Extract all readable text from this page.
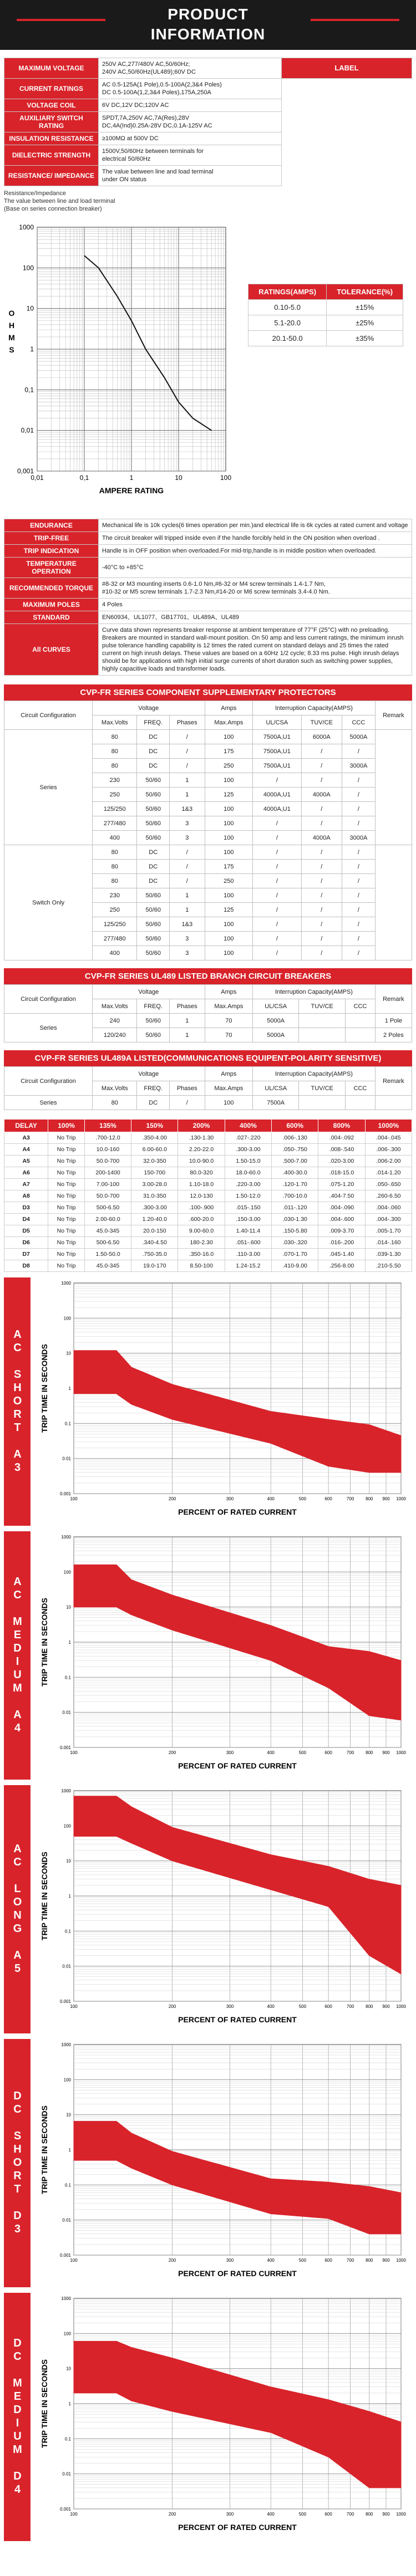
PRODUCT
INFORMATION
MAXIMUM VOLTAGE	250V AC,277/480V AC,50/60Hz;
240V AC,50/60Hz(UL489);60V DC	LABEL
CURRENT RATINGS	AC 0.5-125A(1 Pole),0.5-100A(2,3&4 Poles)
DC 0.5-100A(1,2,3&4 Poles),175A,250A	
VOLTAGE COIL	6V DC,12V DC;120V AC	
AUXILIARY SWITCH RATING	SPDT,7A,250V AC,7A(Res),28V
DC,4A(Ind)0.25A-28V DC,0.1A-125V AC	
INSULATION RESISTANCE	≥100MΩ at 500V DC	
DIELECTRIC STRENGTH	1500V,50/60Hz between terminals for
electrical 50/60Hz	
RESISTANCE/ IMPEDANCE	The value between line and load terminal
under ON status	
Resistance/Impedance
The value between line and load terminal
(Base on series connection breaker)
1000
100
10
1
0,1
0,01
0,001
0,01	0,1	1	10	100
O
H
M
S
AMPERE RATING
RATINGS(AMPS)	TOLERANCE(%)
0.10-5.0	±15%
5.1-20.0	±25%
20.1-50.0	±35%
ENDURANCE	Mechanical life is 10k cycles(6 times operation per min.)and electrical life is 6k cycles at rated current and voltage
TRIP-FREE	The circuit breaker will tripped inside even if the handle forcibly held in the ON position when overload .
TRIP INDICATION	Handle is in OFF position when overloaded.For mid-trip,handle is in middle position when overloaded.
TEMPERATURE OPERATION	-40°C to +85°C
RECOMMENDED TORQUE	#8-32 or M3 mounting inserts 0.6-1.0 Nm,#6-32 or M4 screw terminals 1.4-1.7 Nm,
#10-32 or M5 screw terminals 1.7-2.3 Nm,#14-20 or M6 screw terminals 3.4-4.0 Nm.
MAXIMUM POLES	4 Poles
STANDARD	EN60934、UL1077、GB17701、UL489A、UL489
All CURVES	Curve data shown represents breaker response at ambient temperature of 77°F (25°C) with no preloading. Breakers are mounted in standard wall-mount position. On 50 amp and less current ratings, the minimum inrush pulse tolerance handling capability is 12 times the rated current on standard delays and 25 times the rated current on high inrush delays. These values are based on a 60Hz 1/2 cycle; 8.33 ms pulse. High inrush delays should be for applications with high initial surge currents of short duration such as switching power supplies, highly capacitive loads and transformer loads.
CVP-FR SERIES COMPONENT SUPPLEMENTARY PROTECTORS
Circuit Configuration	Voltage			Amps	Interruption Capacity(AMPS)			Remark
	Max.Volts	FREQ.	Phases	Max.Amps	UL/CSA	TUV/CE	CCC	
Series	80	DC	/	100	7500A,U1	6000A	5000A	
	80	DC	/	175	7500A,U1	/	/	
	80	DC	/	250	7500A,U1	/	3000A	
	230	50/60	1	100	/	/	/	
	250	50/60	1	125	4000A,U1	4000A	/	
	125/250	50/60	1&3	100	4000A,U1	/	/	
	277/480	50/60	3	100	/	/	/	
	400	50/60	3	100	/	4000A	3000A	
Switch Only	80	DC	/	100	/	/	/	
	80	DC	/	175	/	/	/	
	80	DC	/	250	/	/	/	
	230	50/60	1	100	/	/	/	
	250	50/60	1	125	/	/	/	
	125/250	50/60	1&3	100	/	/	/	
	277/480	50/60	3	100	/	/	/	
	400	50/60	3	100	/	/	/	
CVP-FR SERIES UL489 LISTED BRANCH CIRCUIT BREAKERS
Circuit Configuration	Voltage			Amps	Interruption Capacity(AMPS)			Remark
	Max.Volts	FREQ.	Phases	Max.Amps	UL/CSA	TUV/CE	CCC	
Series	240	50/60	1	70	5000A			1 Pole
	120/240	50/60	1	70	5000A			2 Poles
CVP-FR SERIES UL489A LISTED(COMMUNICATIONS EQUIPENT-POLARITY SENSITIVE)
Circuit Configuration	Voltage			Amps	Interruption Capacity(AMPS)			Remark
	Max.Volts	FREQ.	Phases	Max.Amps	UL/CSA	TUV/CE	CCC	
Series	80	DC	/	100	7500A			
DELAY	100%	135%	150%	200%	400%	600%	800%	1000%
A3	No Trip	.700-12.0	.350-4.00	.130-1.30	.027-.220	.006-.130	.004-.092	.004-.045
A4	No Trip	10.0-160	6.00-60.0	2.20-22.0	.300-3.00	.050-.750	.008-.540	.006-.300
A5	No Trip	50.0-700	32.0-350	10.0-90.0	1.50-15.0	.500-7.00	.020-3.00	.006-2.00
A6	No Trip	200-1400	150-700	80.0-320	18.0-60.0	.400-30.0	.018-15.0	.014-1.20
A7	No Trip	7.00-100	3.00-28.0	1.10-18.0	.220-3.00	.120-1.70	.075-1.20	.050-.650
A8	No Trip	50.0-700	31.0-350	12.0-130	1.50-12.0	.700-10.0	.404-7.50	.260-6.50
D3	No Trip	500-6.50	.300-3.00	.100-.900	.015-.150	.011-.120	.004-.090	.004-.060
D4	No Trip	2.00-60.0	1.20-40.0	.600-20.0	.150-3.00	.030-1.30	.004-.600	.004-.300
D5	No Trip	45.0-345	20.0-150	9.00-60.0	1.40-11.4	.150-5.80	.009-3.70	.005-1.70
D6	No Trip	500-6.50	.340-4.50	180-2.30	.051-.600	.030-.320	.016-.200	.014-.160
D7	No Trip	1.50-50.0	.750-35.0	.350-16.0	.110-3.00	.070-1.70	.045-1.40	.039-1.30
D8	No Trip	45.0-345	19.0-170	8.50-100	1.24-15.2	.410-9.00	.256-8.00	.210-5.50
AC SHORT A3
0.001
0.01
0.1
1
10
100
1000
100	200	300	400	500	600	700	800 900 1000
TRIP TIME IN SECONDS
PERCENT OF RATED CURRENT
AC MEDIUM A4
0.001
0.01
0.1
1
10
100
1000
100	200	300	400	500	600	700	800 900 1000
TRIP TIME IN SECONDS
PERCENT OF RATED CURRENT
AC LONG A5
0.001
0.01
0.1
1
10
100
1000
100	200	300	400	500	600	700	800 900 1000
TRIP TIME IN SECONDS
PERCENT OF RATED CURRENT
DC SHORT D3
0.001
0.01
0.1
1
10
100
1000
100	200	300	400	500	600	700	800 900 1000
TRIP TIME IN SECONDS
PERCENT OF RATED CURRENT
DC MEDIUM D4
0.001
0.01
0.1
1
10
100
1000
100	200	300	400	500	600	700	800 900 1000
TRIP TIME IN SECONDS
PERCENT OF RATED CURRENT
